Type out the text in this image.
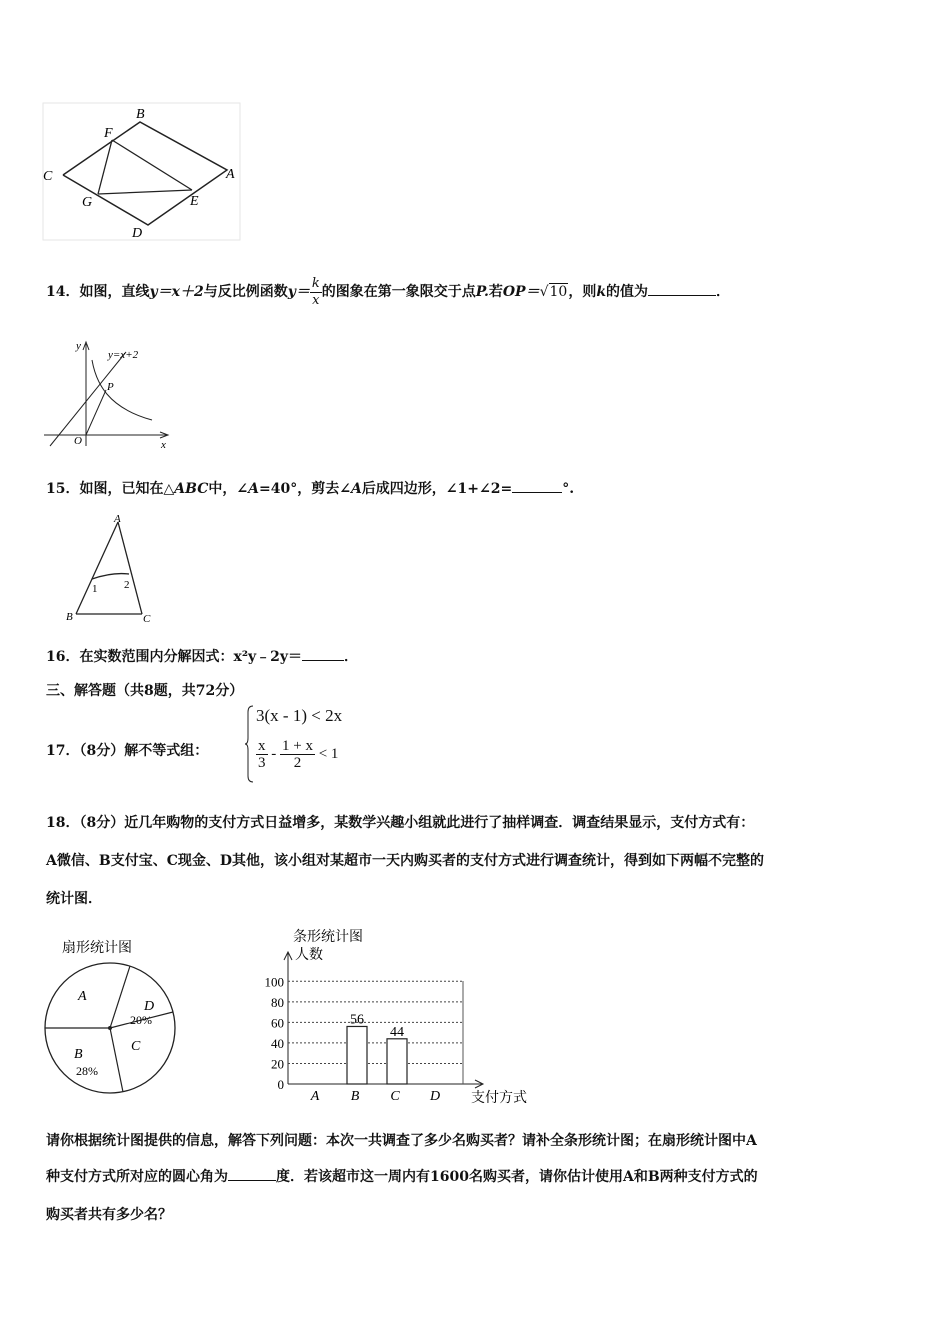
B
F
C	A
G	E
D
14．如图，直线y＝x＋2与反比例函数$y= \frac{k}{x}$ 的图象在第一象限交于点P.若OP＝√10，则k的值为	．
y
y=x+2
P
O	x
15．如图，已知在△ABC中，∠A=40°，剪去∠A后成四边形，∠1+∠2=	°.
A
B	C
1 2
16．在实数范围内分解因式：x²y﹣2y＝	．
三、解答题（共8题，共72分）
17．（8分）解不等式组：
3(x - 1) < 2x
$\frac{x}{3} - \frac{1 + x}{2} < 1$
18．（8分）近几年购物的支付方式日益增多，某数学兴趣小组就此进行了抽样调查．调查结果显示，支付方式有：
A微信、B支付宝、C现金、D其他，该小组对某超市一天内购买者的支付方式进行调查统计，得到如下两幅不完整的
统计图．
扇形统计图
A
D
20%
C
B
28%
条形统计图
人数
支付方式
0
20
40
60
80
100
A B
56
C
44
D
请你根据统计图提供的信息，解答下列问题：本次一共调查了多少名购买者？请补全条形统计图；在扇形统计图中A
种支付方式所对应的圆心角为	度．若该超市这一周内有1600名购买者，请你估计使用A和B两种支付方式的
购买者共有多少名？
